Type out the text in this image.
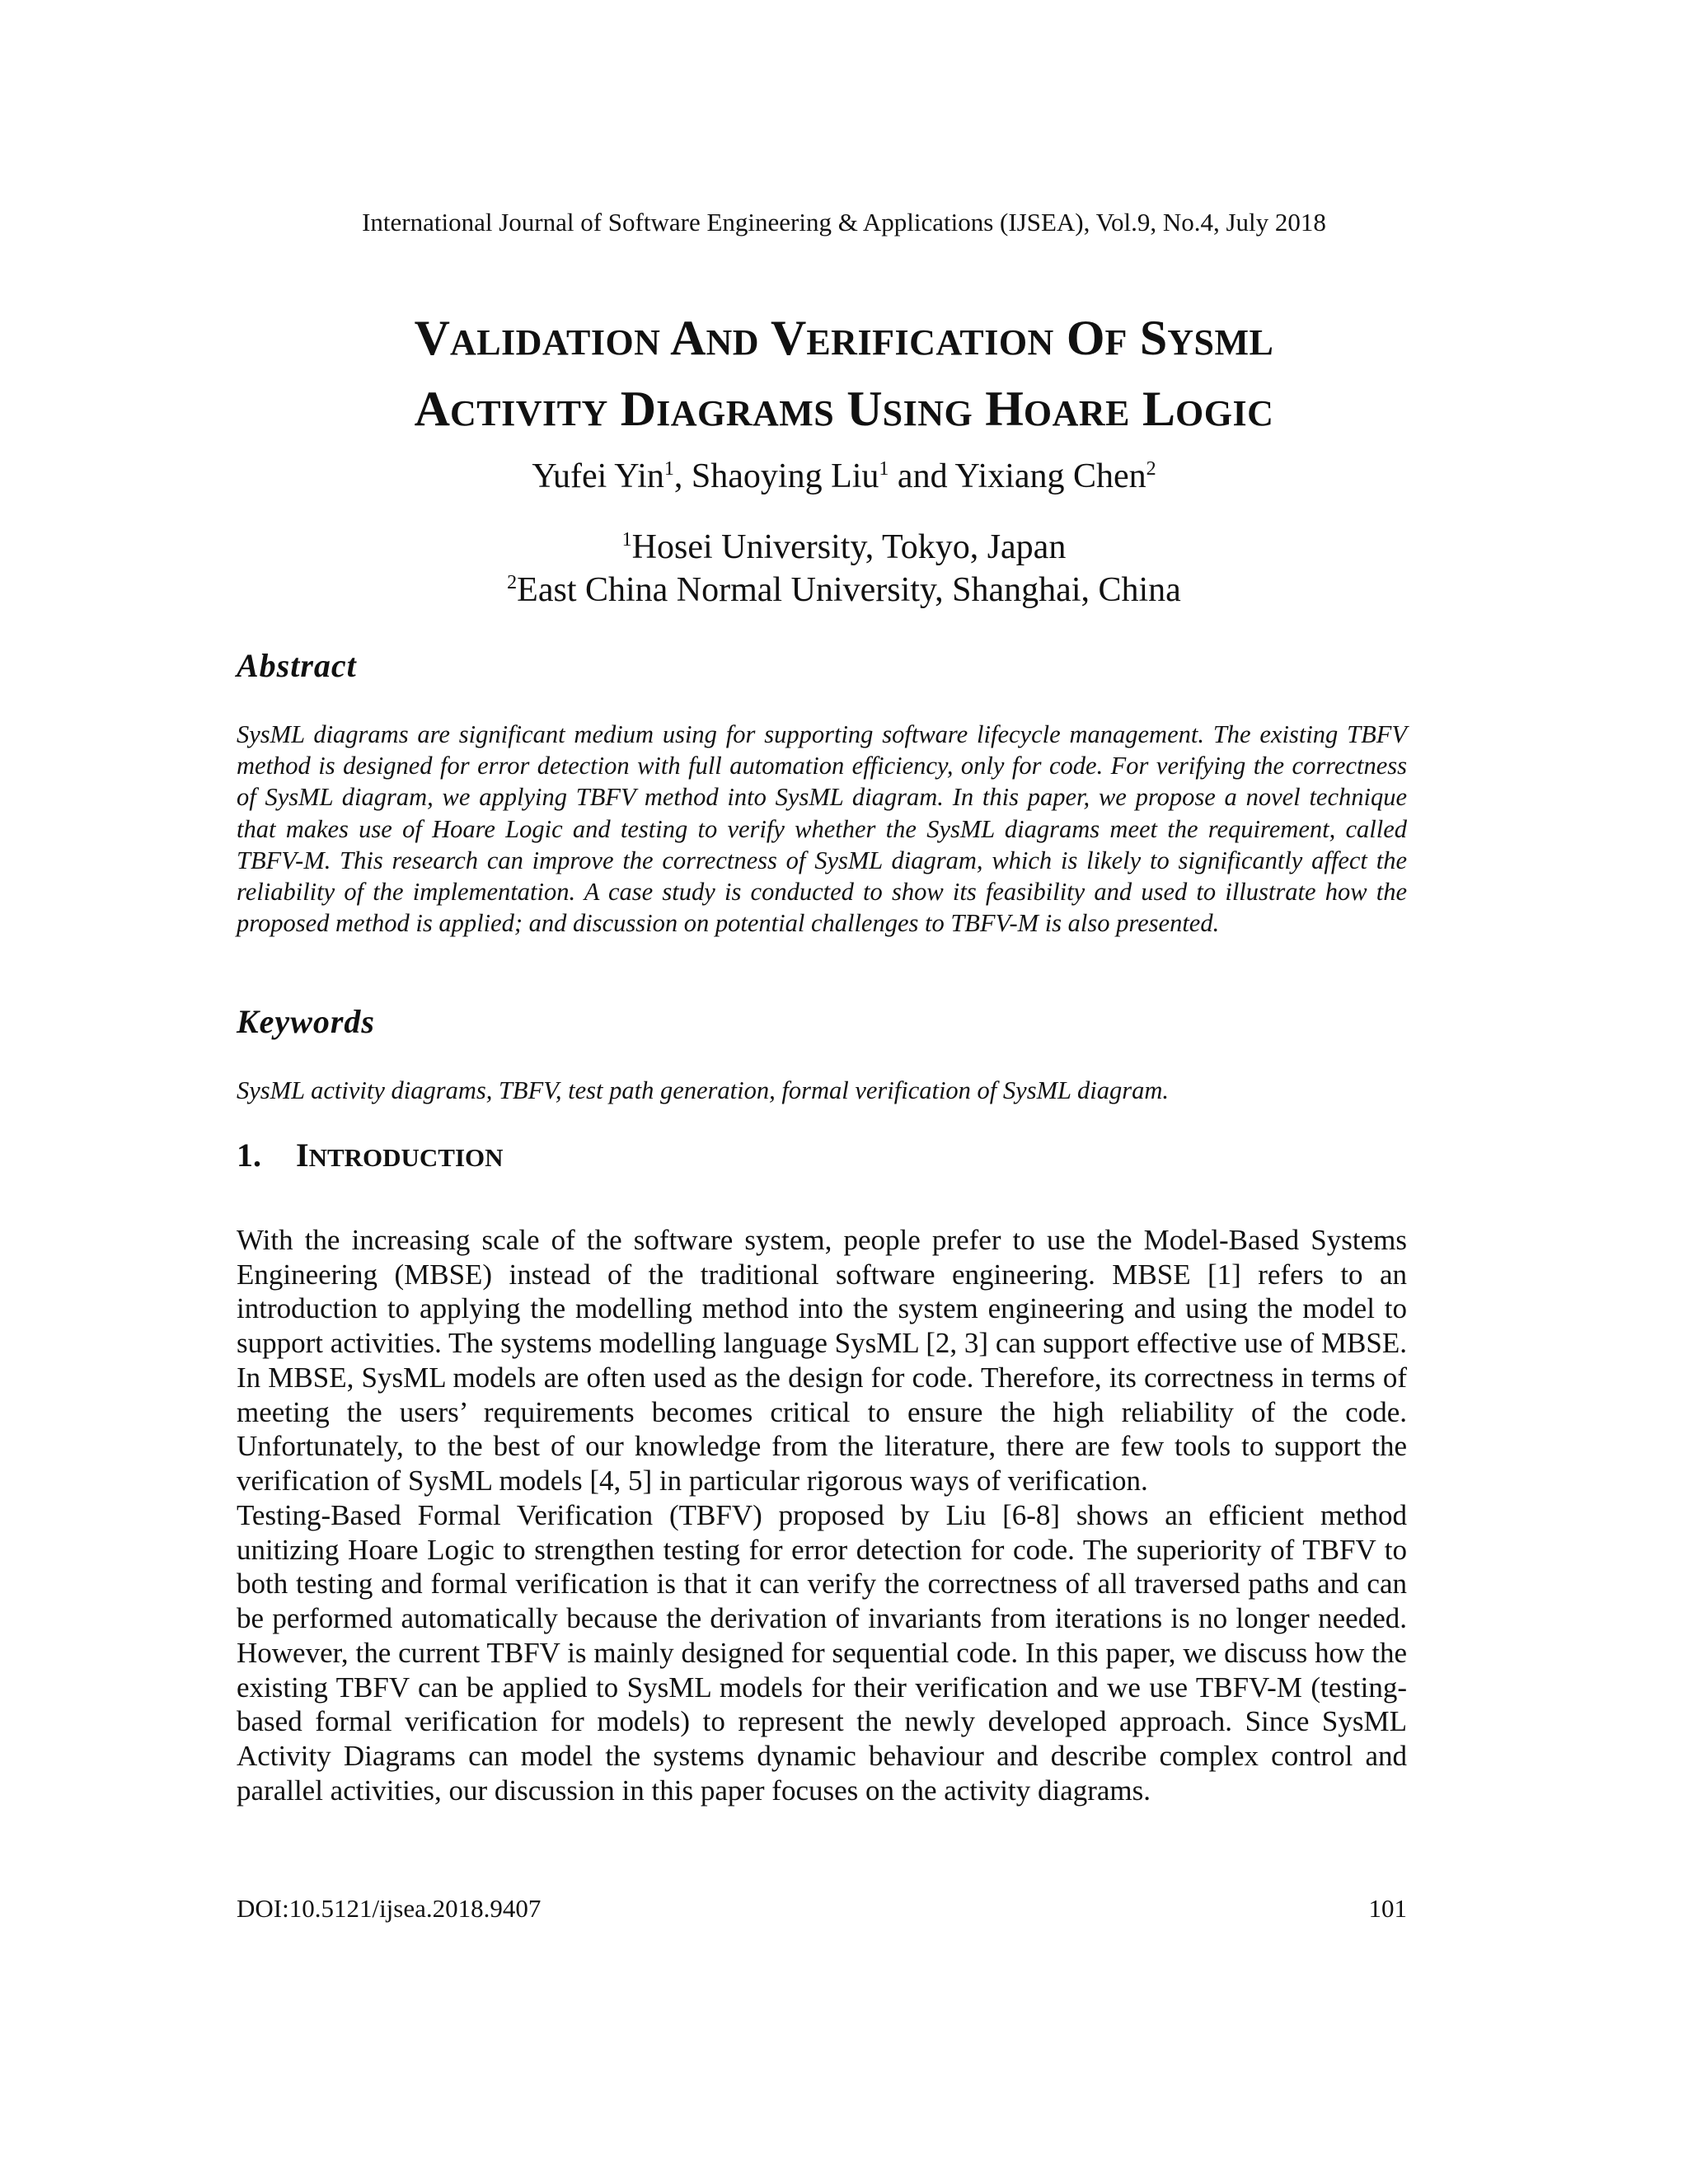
International Journal of Software Engineering & Applications (IJSEA), Vol.9, No.4, July 2018
VALIDATION AND VERIFICATION OF SYSML
ACTIVITY DIAGRAMS USING HOARE LOGIC
Yufei Yin$^1$, Shaoying Liu$^1$ and Yixiang Chen$^2$
$^1$Hosei University, Tokyo, Japan
$^2$East China Normal University, Shanghai, China
Abstract

SysML diagrams are significant medium using for supporting software lifecycle management. The existing TBFV method is designed for error detection with full automation efficiency, only for code. For verifying the correctness of SysML diagram, we applying TBFV method into SysML diagram. In this paper, we propose a novel technique that makes use of Hoare Logic and testing to verify whether the SysML diagrams meet the requirement, called TBFV-M. This research can improve the correctness of SysML diagram, which is likely to significantly affect the reliability of the implementation. A case study is conducted to show its feasibility and used to illustrate how the proposed method is applied; and discussion on potential challenges to TBFV-M is also presented.

Keywords

SysML activity diagrams, TBFV, test path generation, formal verification of SysML diagram.

1. INTRODUCTION

With the increasing scale of the software system, people prefer to use the Model-Based Systems Engineering (MBSE) instead of the traditional software engineering. MBSE [1] refers to an introduction to applying the modelling method into the system engineering and using the model to support activities. The systems modelling language SysML [2, 3] can support effective use of MBSE. In MBSE, SysML models are often used as the design for code. Therefore, its correctness in terms of meeting the users’ requirements becomes critical to ensure the high reliability of the code. Unfortunately, to the best of our knowledge from the literature, there are few tools to support the verification of SysML models [4, 5] in particular rigorous ways of verification.

Testing-Based Formal Verification (TBFV) proposed by Liu [6-8] shows an efficient method unitizing Hoare Logic to strengthen testing for error detection for code. The superiority of TBFV to both testing and formal verification is that it can verify the correctness of all traversed paths and can be performed automatically because the derivation of invariants from iterations is no longer needed. However, the current TBFV is mainly designed for sequential code. In this paper, we discuss how the existing TBFV can be applied to SysML models for their verification and we use TBFV-M (testing-based formal verification for models) to represent the newly developed approach. Since SysML Activity Diagrams can model the systems dynamic behaviour and describe complex control and parallel activities, our discussion in this paper focuses on the activity diagrams.

DOI:10.5121/ijsea.2018.9407	101
